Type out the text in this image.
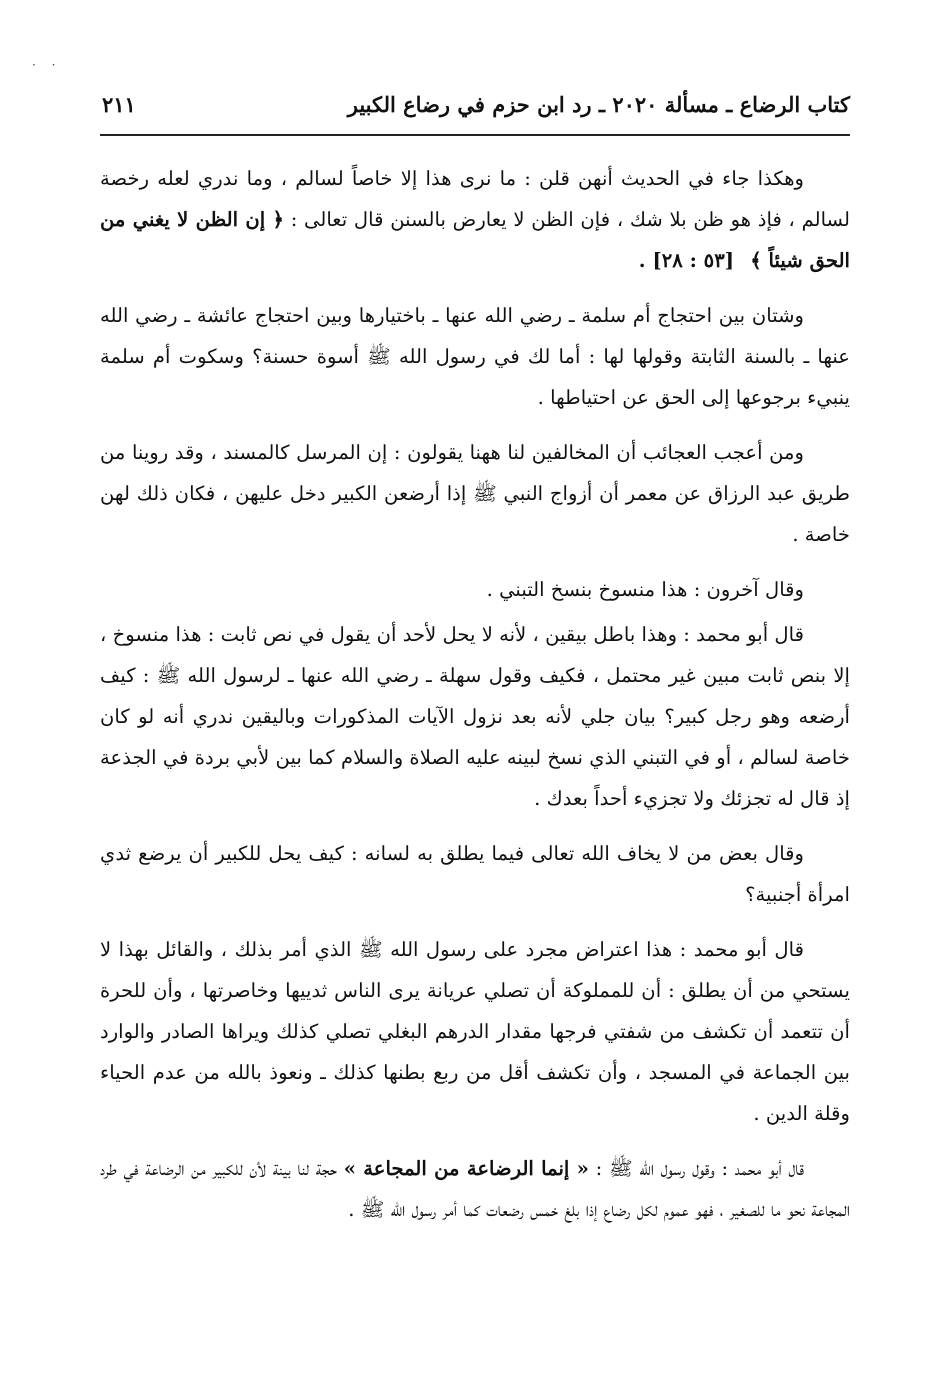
· ·
كتاب الرضاع ـ مسألة ٢٠٢٠ ـ رد ابن حزم في رضاع الكبير
٢١١

وهكذا جاء في الحديث أنهن قلن : ما نرى هذا إلا خاصاً لسالم ، وما ندري لعله رخصة لسالم ، فإذ هو ظن بلا شك ، فإن الظن لا يعارض بالسنن قال تعالى : ﴿ إن الظن لا يغني من الحق شيئاً ﴾ [٥٣ : ٢٨] .

وشتان بين احتجاج أم سلمة ـ رضي الله عنها ـ باختيارها وبين احتجاج عائشة ـ رضي الله عنها ـ بالسنة الثابتة وقولها لها : أما لك في رسول الله ﷺ أسوة حسنة؟ وسكوت أم سلمة ينبيء برجوعها إلى الحق عن احتياطها .

ومن أعجب العجائب أن المخالفين لنا ههنا يقولون : إن المرسل كالمسند ، وقد روينا من طريق عبد الرزاق عن معمر أن أزواج النبي ﷺ إذا أرضعن الكبير دخل عليهن ، فكان ذلك لهن خاصة .

وقال آخرون : هذا منسوخ بنسخ التبني .

قال أبو محمد : وهذا باطل بيقين ، لأنه لا يحل لأحد أن يقول في نص ثابت : هذا منسوخ ، إلا بنص ثابت مبين غير محتمل ، فكيف وقول سهلة ـ رضي الله عنها ـ لرسول الله ﷺ : كيف أرضعه وهو رجل كبير؟ بيان جلي لأنه بعد نزول الآيات المذكورات وباليقين ندري أنه لو كان خاصة لسالم ، أو في التبني الذي نسخ لبينه عليه الصلاة والسلام كما بين لأبي بردة في الجذعة إذ قال له تجزئك ولا تجزيء أحداً بعدك .

وقال بعض من لا يخاف الله تعالى فيما يطلق به لسانه : كيف يحل للكبير أن يرضع ثدي امرأة أجنبية؟

قال أبو محمد : هذا اعتراض مجرد على رسول الله ﷺ الذي أمر بذلك ، والقائل بهذا لا يستحي من أن يطلق : أن للمملوكة أن تصلي عريانة يرى الناس ثدييها وخاصرتها ، وأن للحرة أن تتعمد أن تكشف من شفتي فرجها مقدار الدرهم البغلي تصلي كذلك ويراها الصادر والوارد بين الجماعة في المسجد ، وأن تكشف أقل من ربع بطنها كذلك ـ ونعوذ بالله من عدم الحياء وقلة الدين .

قال أبو محمد : وقول رسول الله ﷺ : « إنما الرضاعة من المجاعة » حجة لنا بينة لأن للكبير من الرضاعة في طرد المجاعة نحو ما للصغير ، فهو عموم لكل رضاع إذا بلغ خمس رضعات كما أمر رسول الله ﷺ .
